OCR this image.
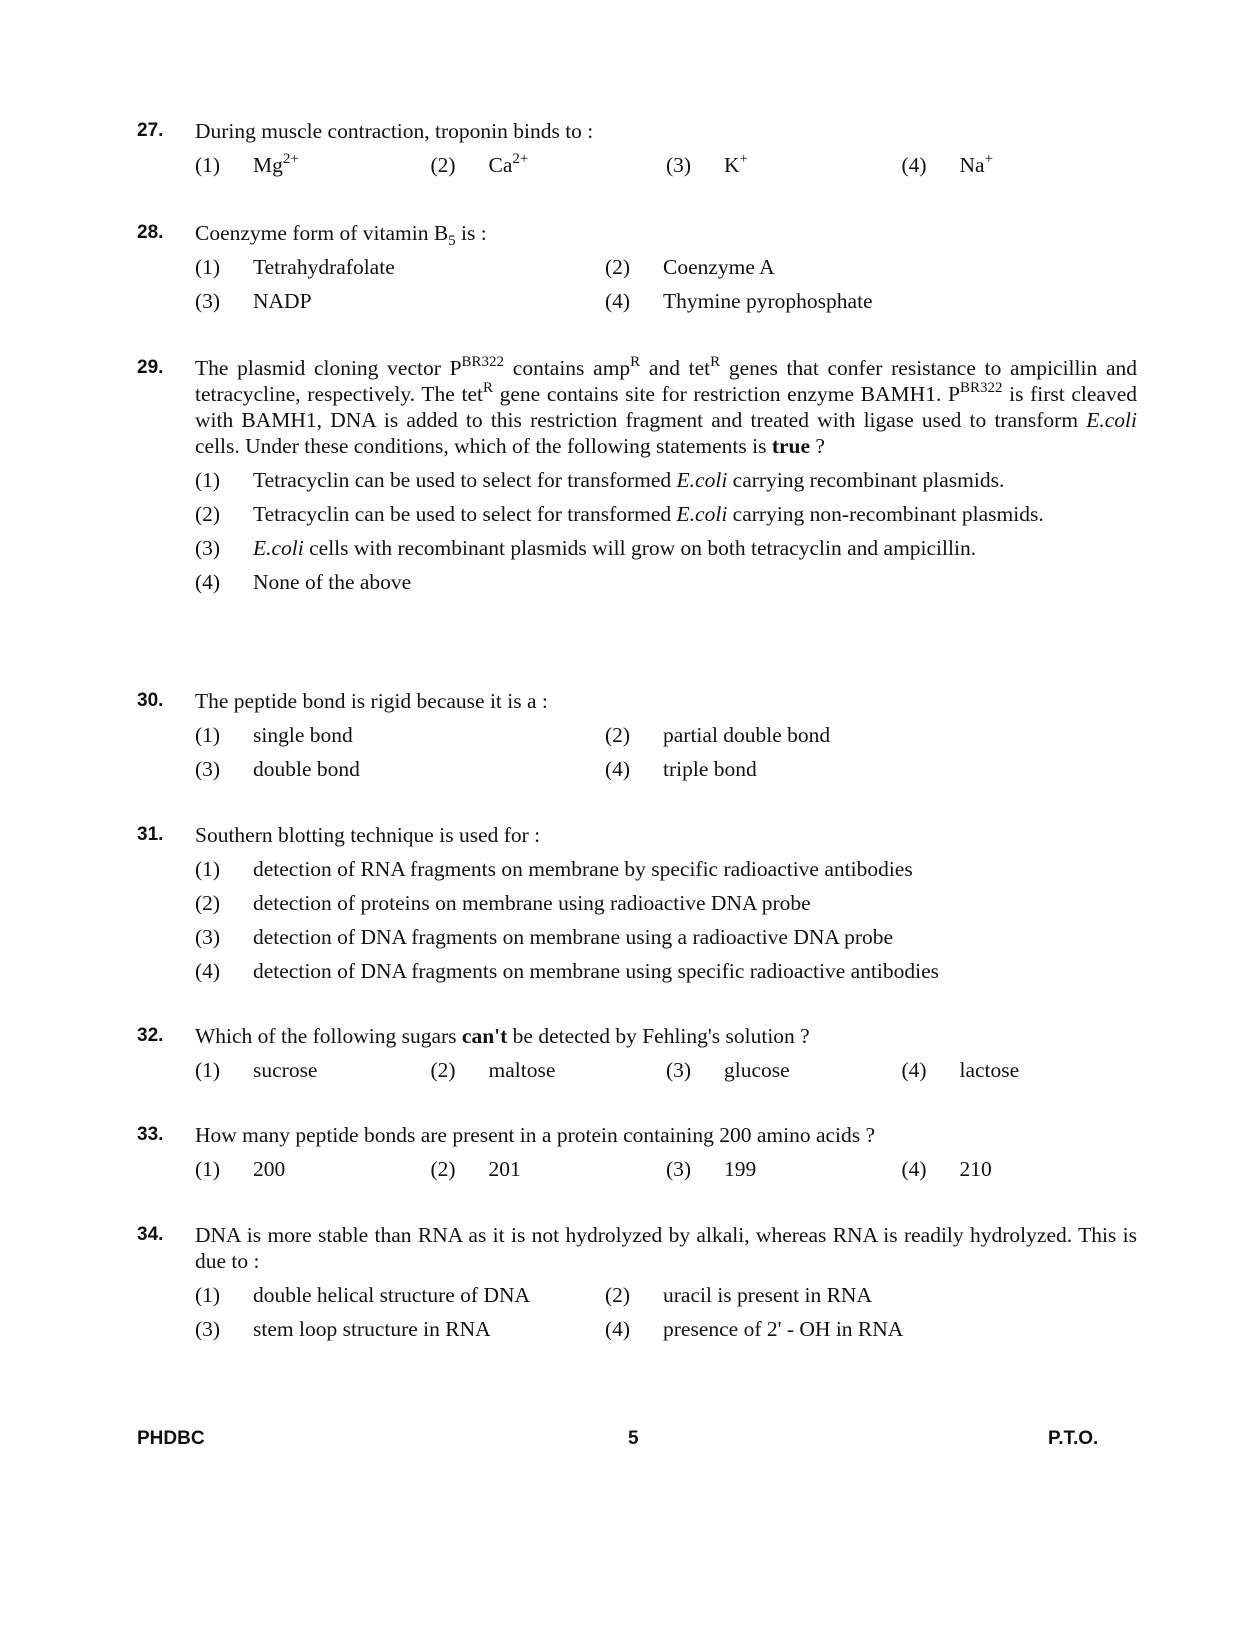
27. During muscle contraction, troponin binds to :
(1)	$Mg^{2+}$	(2)	$Ca^{2+}$	(3)	K+	(4)	Na+
28. Coenzyme form of vitamin $B_5$ is :
(1)	Tetrahydrafolate	(2)	Coenzyme A
(3)	NADP	(4)	Thymine pyrophosphate
29. The plasmid cloning vector $P^{BR322}$ contains amp$^R$ and tet$^R$ genes that confer resistance to ampicillin and tetracycline, respectively. The tet$^R$ gene contains site for restriction enzyme BAMH1. $P^{BR322}$ is first cleaved with BAMH1, DNA is added to this restriction fragment and treated with ligase used to transform E.coli cells. Under these conditions, which of the following statements is true ?
(1)	Tetracyclin can be used to select for transformed E.coli carrying recombinant plasmids.
(2)	Tetracyclin can be used to select for transformed E.coli carrying non-recombinant plasmids.
(3)	E.coli cells with recombinant plasmids will grow on both tetracyclin and ampicillin.
(4)	None of the above
30. The peptide bond is rigid because it is a :
(1)	single bond	(2)	partial double bond
(3)	double bond	(4)	triple bond
31. Southern blotting technique is used for :
(1)	detection of RNA fragments on membrane by specific radioactive antibodies
(2)	detection of proteins on membrane using radioactive DNA probe
(3)	detection of DNA fragments on membrane using a radioactive DNA probe
(4)	detection of DNA fragments on membrane using specific radioactive antibodies
32. Which of the following sugars can't be detected by Fehling's solution ?
(1)	sucrose	(2)	maltose	(3)	glucose	(4)	lactose
33. How many peptide bonds are present in a protein containing 200 amino acids ?
(1)	200	(2)	201	(3)	199	(4)	210
34. DNA is more stable than RNA as it is not hydrolyzed by alkali, whereas RNA is readily hydrolyzed. This is due to :
(1)	double helical structure of DNA	(2)	uracil is present in RNA
(3)	stem loop structure in RNA	(4)	presence of 2' - OH in RNA
PHDBC	5	P.T.O.
